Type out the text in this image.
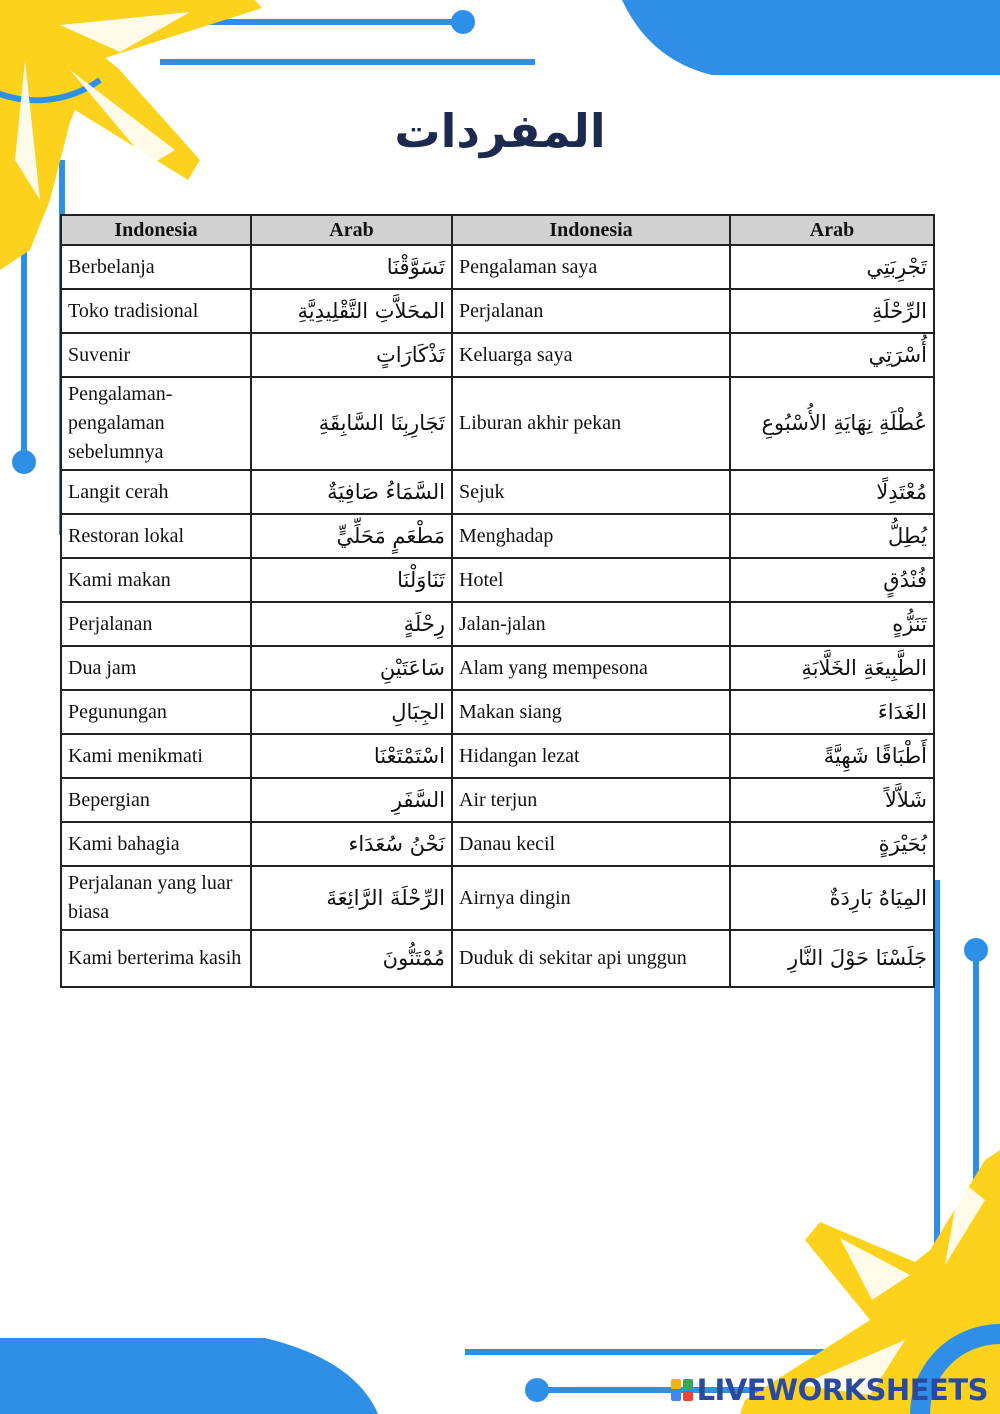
المفردات
Indonesia	Arab	Indonesia	Arab
Berbelanja	تَسَوَّقْنَا	Pengalaman saya	تَجْرِبَتِي
Toko tradisional	المحَلاَّتِ التَّقْلِيدِيَّةِ	Perjalanan	الرِّحْلَةِ
Suvenir	تَذْكَارَاتٍ	Keluarga saya	أُسْرَتِي
Pengalaman-pengalaman sebelumnya	تَجَارِبِنَا السَّابِقَةِ	Liburan akhir pekan	عُطْلَةِ نِهَايَةِ الأُسْبُوعِ
Langit cerah	السَّمَاءُ صَافِيَةٌ	Sejuk	مُعْتَدِلًا
Restoran lokal	مَطْعَمٍ مَحَلِّيٍّ	Menghadap	يُطِلُّ
Kami makan	تَنَاوَلْنَا	Hotel	فُنْدُقٍ
Perjalanan	رِحْلَةٍ	Jalan-jalan	تَنَزُّهٍ
Dua jam	سَاعَتَيْنِ	Alam yang mempesona	الطَّبِيعَةِ الخَلَّابَةِ
Pegunungan	الجِبَالِ	Makan siang	الغَدَاءَ
Kami menikmati	اسْتَمْتَعْنَا	Hidangan lezat	أَطْبَاقًا شَهِيَّةً
Bepergian	السَّفَرِ	Air terjun	شَلاَّلاً
Kami bahagia	نَحْنُ سُعَدَاء	Danau kecil	بُحَيْرَةٍ
Perjalanan yang luar biasa	الرِّحْلَةَ الرَّائِعَةَ	Airnya dingin	المِيَاهُ بَارِدَةٌ
Kami berterima kasih	مُمْتَنُّونَ	Duduk di sekitar api unggun	جَلَسْنَا حَوْلَ النَّارِ
LIVEWORKSHEETS
